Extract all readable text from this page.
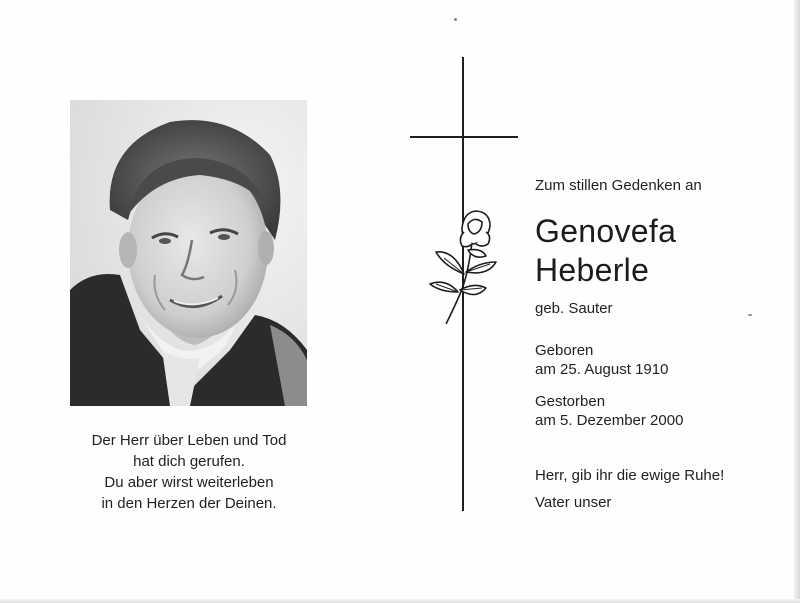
Der Herr über Leben und Tod
hat dich gerufen.
Du aber wirst weiterleben
in den Herzen der Deinen.
Zum stillen Gedenken an
Genovefa
Heberle
geb. Sauter
Geboren
am 25. August 1910
Gestorben
am 5. Dezember 2000
Herr, gib ihr die ewige Ruhe!
Vater unser
